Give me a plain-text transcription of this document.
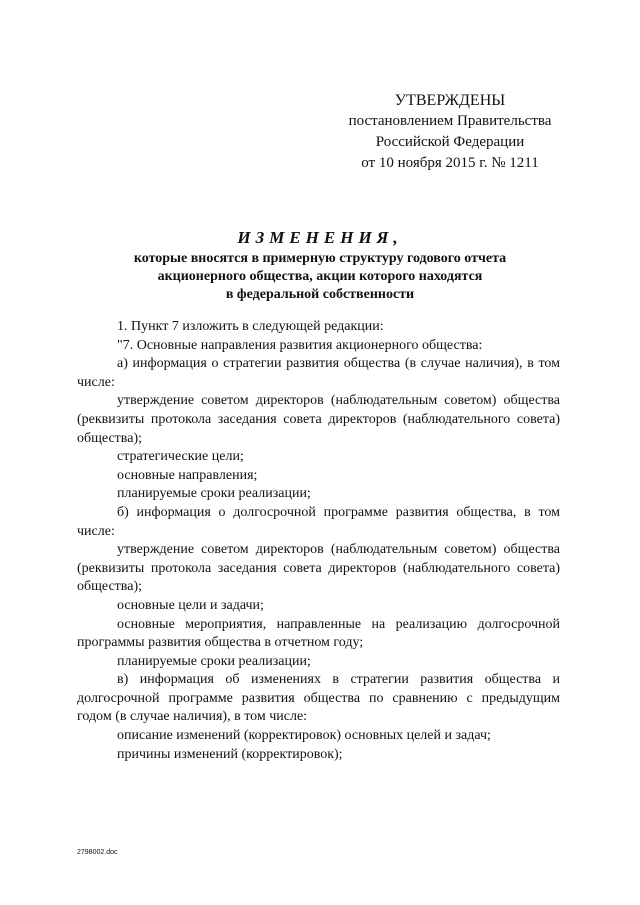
УТВЕРЖДЕНЫ
постановлением Правительства
Российской Федерации
от 10 ноября 2015 г. № 1211
ИЗМЕНЕНИЯ,
которые вносятся в примерную структуру годового отчета
акционерного общества, акции которого находятся
в федеральной собственности

1. Пункт 7 изложить в следующей редакции:

"7. Основные направления развития акционерного общества:

а) информация о стратегии развития общества (в случае наличия), в том числе:

утверждение советом директоров (наблюдательным советом) общества (реквизиты протокола заседания совета директоров (наблюдательного совета) общества);

стратегические цели;

основные направления;

планируемые сроки реализации;

б) информация о долгосрочной программе развития общества, в том числе:

утверждение советом директоров (наблюдательным советом) общества (реквизиты протокола заседания совета директоров (наблюдательного совета) общества);

основные цели и задачи;

основные мероприятия, направленные на реализацию долгосрочной программы развития общества в отчетном году;

планируемые сроки реализации;

в) информация об изменениях в стратегии развития общества и долгосрочной программе развития общества по сравнению с предыдущим годом (в случае наличия), в том числе:

описание изменений (корректировок) основных целей и задач;

причины изменений (корректировок);

2798002.doc
